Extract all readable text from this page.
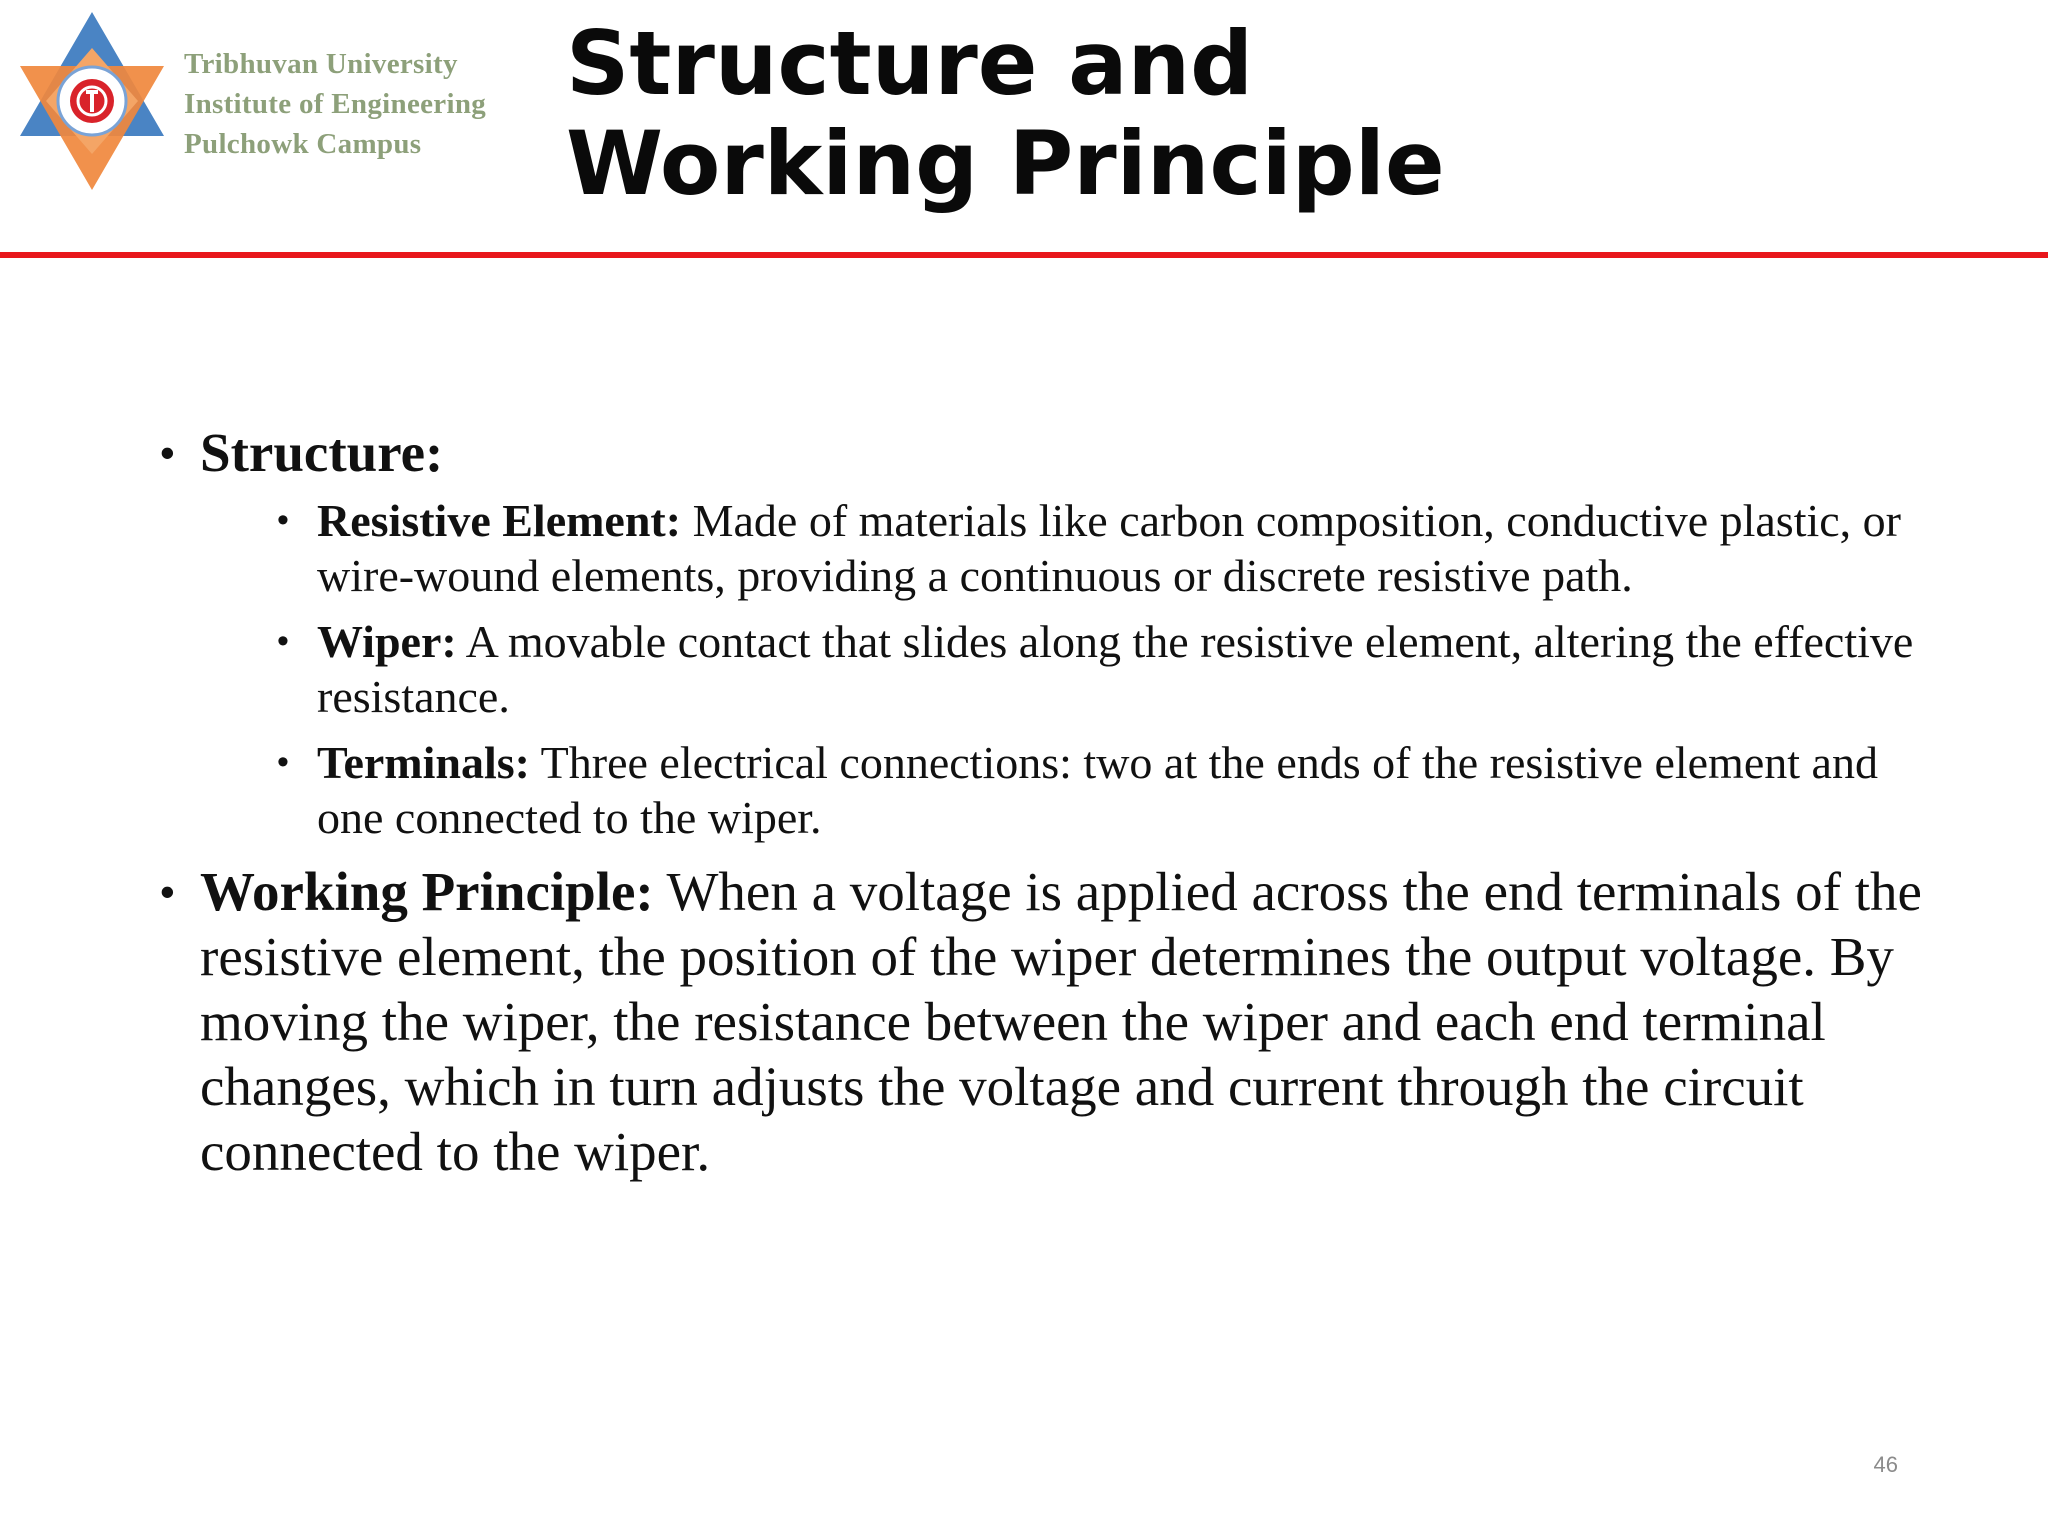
Tribhuvan University
Institute of Engineering
Pulchowk Campus
Structure and
Working Principle
• Structure:
• Resistive Element: Made of materials like carbon composition, conductive plastic, or wire-wound elements, providing a continuous or discrete resistive path.
• Wiper: A movable contact that slides along the resistive element, altering the effective resistance.
• Terminals: Three electrical connections: two at the ends of the resistive element and one connected to the wiper.
• Working Principle: When a voltage is applied across the end terminals of the resistive element, the position of the wiper determines the output voltage. By moving the wiper, the resistance between the wiper and each end terminal changes, which in turn adjusts the voltage and current through the circuit connected to the wiper.
46
